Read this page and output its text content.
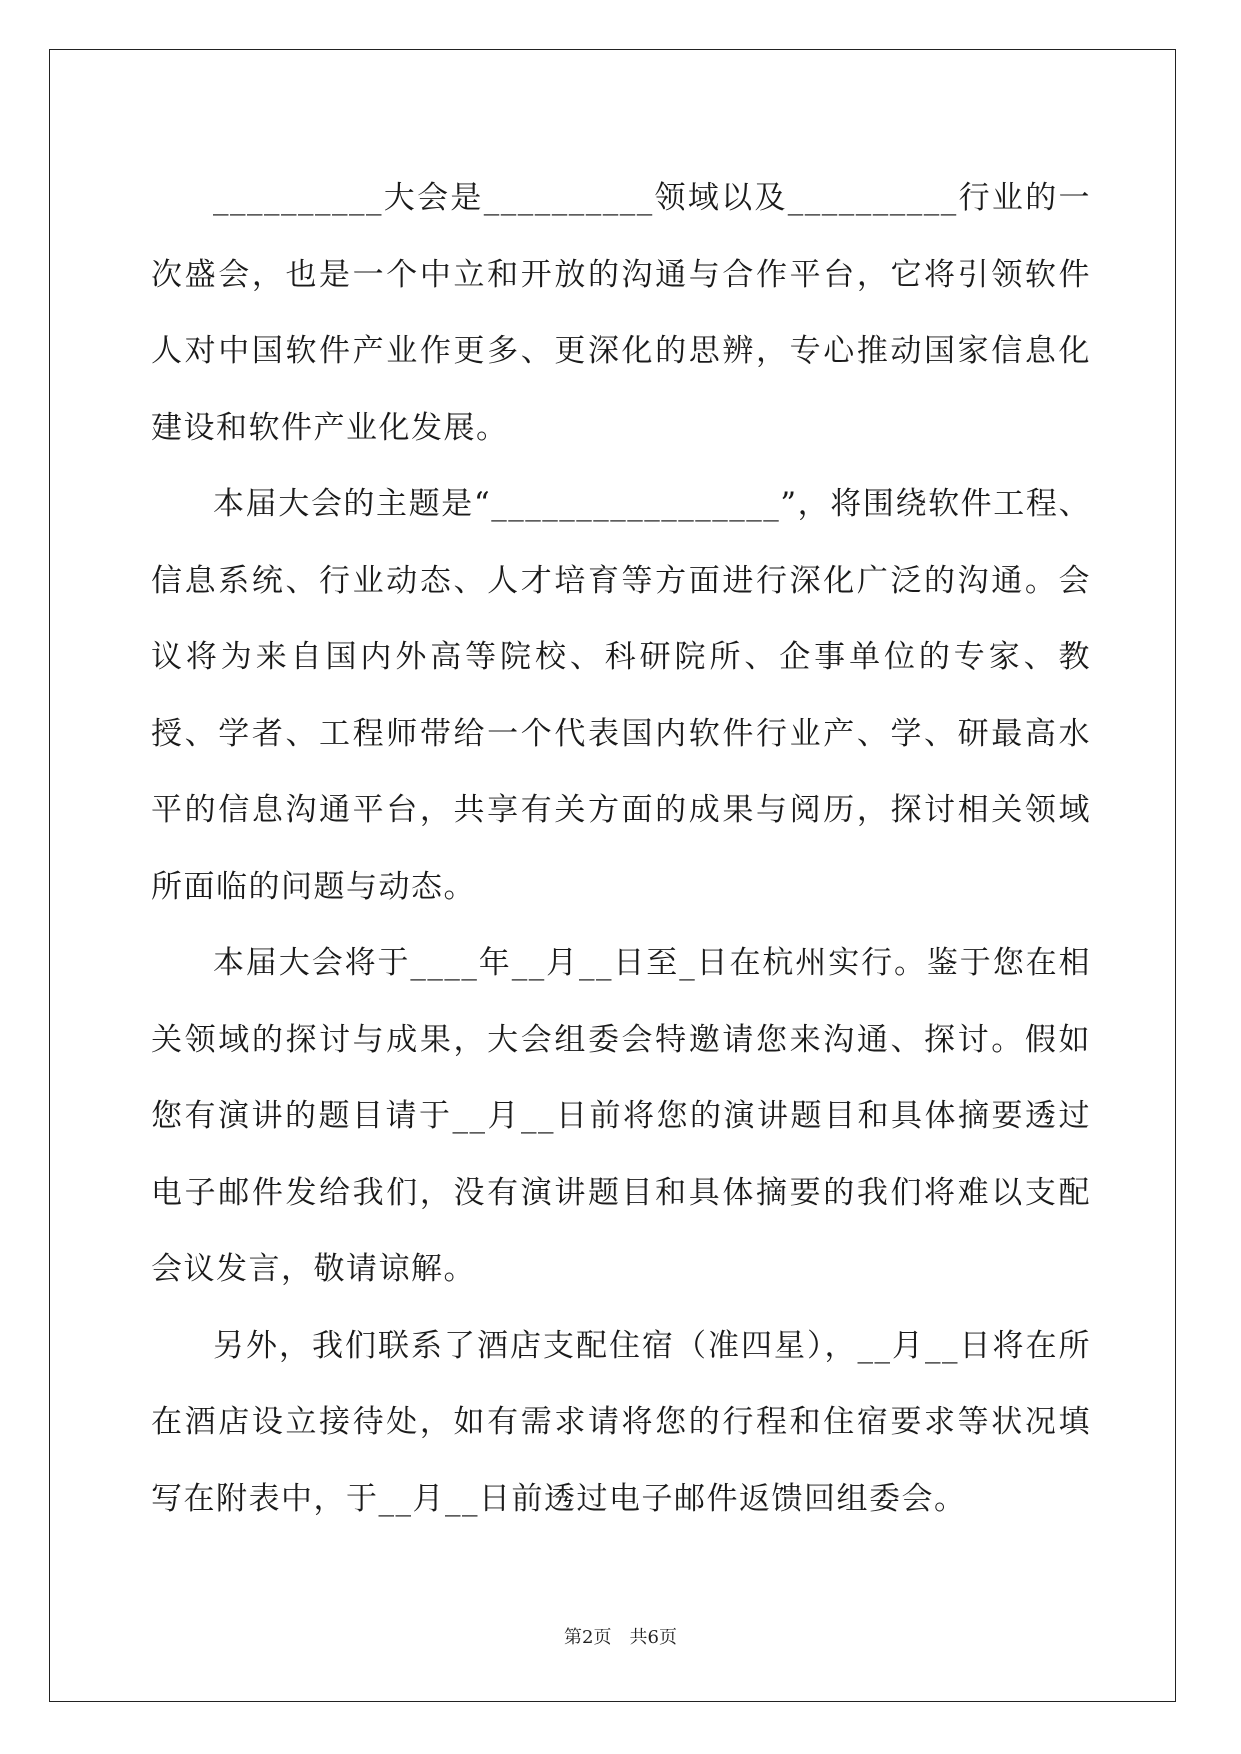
__________大会是__________领域以及__________行业的一次盛会，也是一个中立和开放的沟通与合作平台，它将引领软件人对中国软件产业作更多、更深化的思辨，专心推动国家信息化建设和软件产业化发展。

本届大会的主题是“_________________”，将围绕软件工程、信息系统、行业动态、人才培育等方面进行深化广泛的沟通。会议将为来自国内外高等院校、科研院所、企事单位的专家、教授、学者、工程师带给一个代表国内软件行业产、学、研最高水平的信息沟通平台，共享有关方面的成果与阅历，探讨相关领域所面临的问题与动态。

本届大会将于____年__月__日至_日在杭州实行。鉴于您在相关领域的探讨与成果，大会组委会特邀请您来沟通、探讨。假如您有演讲的题目请于__月__日前将您的演讲题目和具体摘要透过电子邮件发给我们，没有演讲题目和具体摘要的我们将难以支配会议发言，敬请谅解。

另外，我们联系了酒店支配住宿（准四星），__月__日将在所在酒店设立接待处，如有需求请将您的行程和住宿要求等状况填写在附表中，于__月__日前透过电子邮件返馈回组委会。

第2页　共6页
